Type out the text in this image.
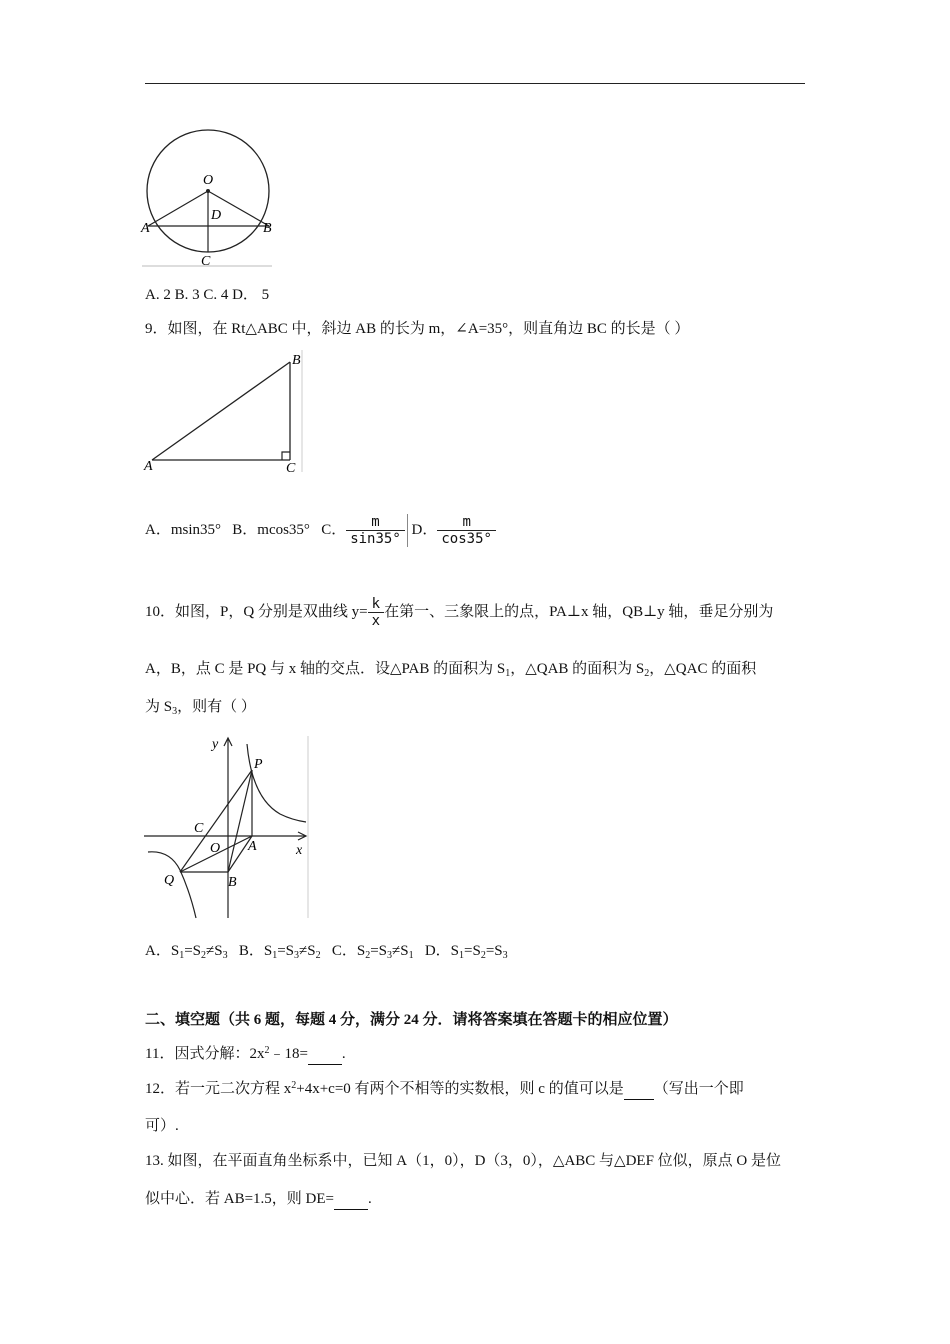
O
D
A	B
C
A. 2 B. 3 C. 4 D． 5
9．如图，在 Rt△ABC 中，斜边 AB 的长为 m，∠A=35°，则直角边 BC 的长是（ ）
B
A	C
A．msin35° B．mcos35° C． $\frac{m}{\sin 35^\circ}$ D． $\frac{m}{\cos 35^\circ}$
10．如图，P，Q 分别是双曲线 $y= \frac{k}{x}$ 在第一、三象限上的点，PA⊥x 轴，QB⊥y 轴，垂足分别为
A，B，点 C 是 PQ 与 x 轴的交点．设△PAB 的面积为 $S_1$，△QAB 的面积为 $S_2$，△QAC 的面积
为 $S_3$，则有（ ）
y
P
C
O A	x
Q	B
A．$S_1=S_2\ne S_3$ B．$S_1=S_3\ne S_2$ C．$S_2=S_3\ne S_1$ D．$S_1=S_2=S_3$
二、填空题（共 6 题，每题 4 分，满分 24 分．请将答案填在答题卡的相应位置）
11．因式分解：$2x^2﹣18=$ .
12．若一元二次方程 $x^2+4x+c=0$ 有两个不相等的实数根，则 c 的值可以是 （写出一个即
可）.
13. 如图，在平面直角坐标系中，已知 A（1，0），D（3，0），△ABC 与△DEF 位似，原点 O 是位
似中心．若 AB=1.5，则 DE= .
